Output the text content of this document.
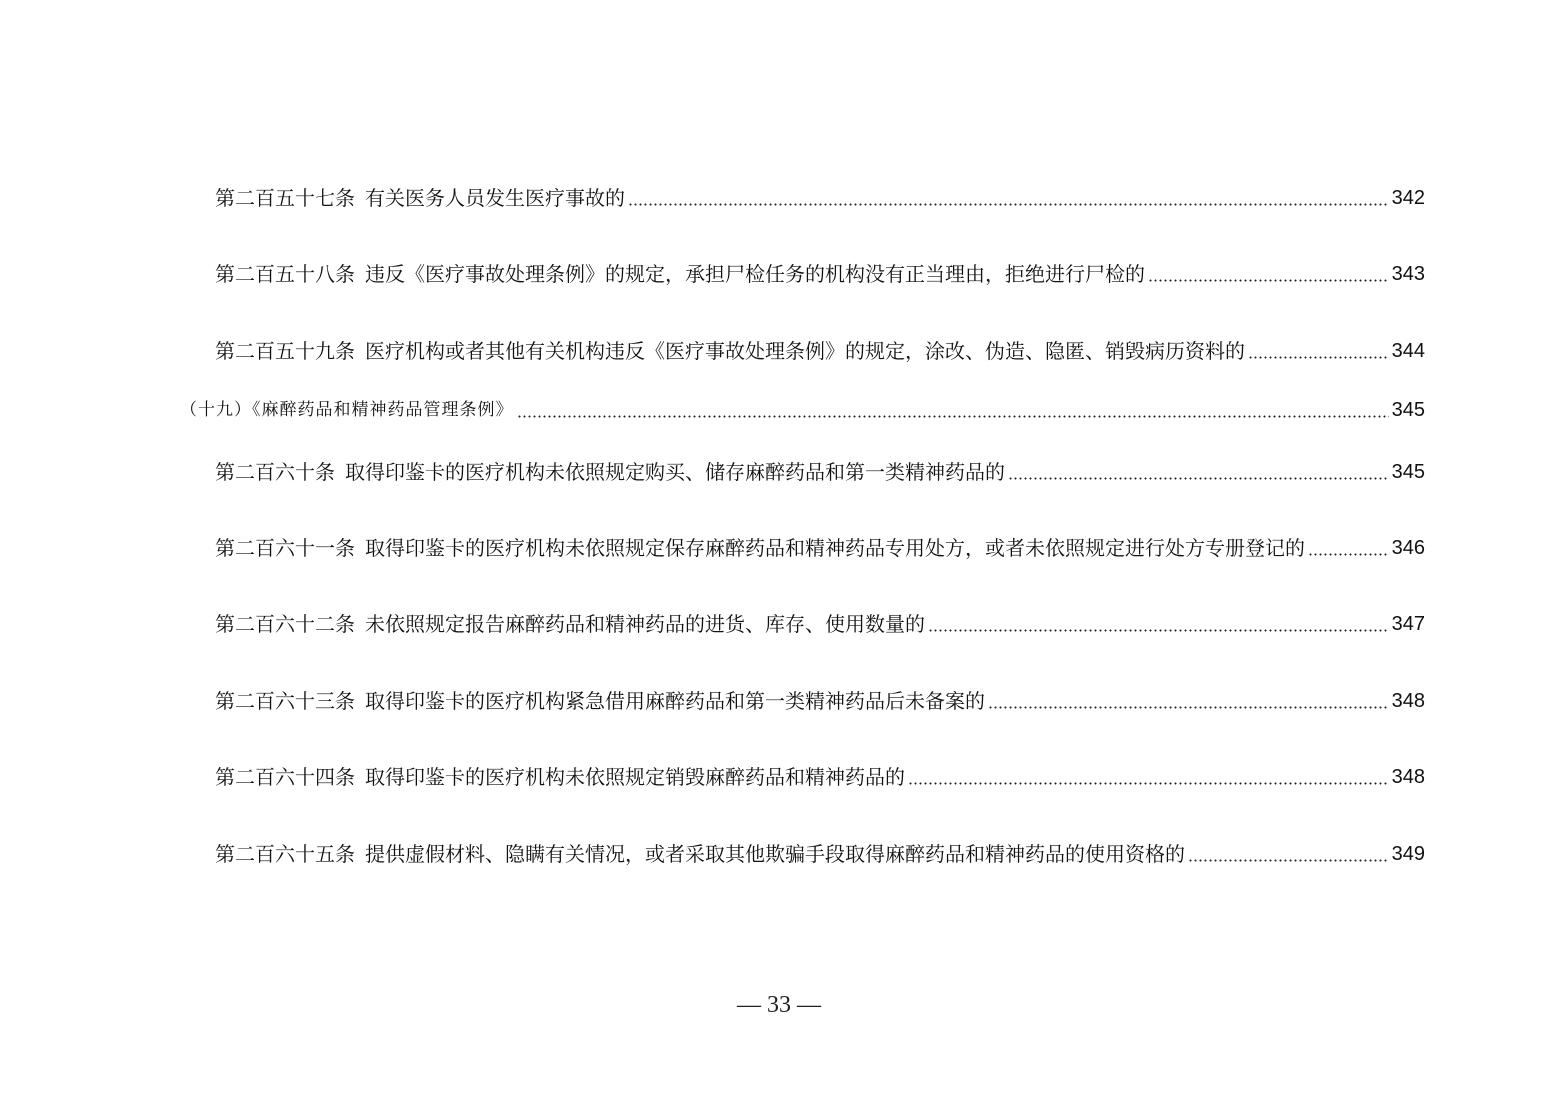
第二百五十七条 有关医务人员发生医疗事故的	342
第二百五十八条 违反《医疗事故处理条例》的规定，承担尸检任务的机构没有正当理由，拒绝进行尸检的	343
第二百五十九条 医疗机构或者其他有关机构违反《医疗事故处理条例》的规定，涂改、伪造、隐匿、销毁病历资料的	344
（十九）《麻醉药品和精神药品管理条例》	345
第二百六十条 取得印鉴卡的医疗机构未依照规定购买、储存麻醉药品和第一类精神药品的	345
第二百六十一条 取得印鉴卡的医疗机构未依照规定保存麻醉药品和精神药品专用处方，或者未依照规定进行处方专册登记的	346
第二百六十二条 未依照规定报告麻醉药品和精神药品的进货、库存、使用数量的	347
第二百六十三条 取得印鉴卡的医疗机构紧急借用麻醉药品和第一类精神药品后未备案的	348
第二百六十四条 取得印鉴卡的医疗机构未依照规定销毁麻醉药品和精神药品的	348
第二百六十五条 提供虚假材料、隐瞒有关情况，或者采取其他欺骗手段取得麻醉药品和精神药品的使用资格的	349
— 33 —
